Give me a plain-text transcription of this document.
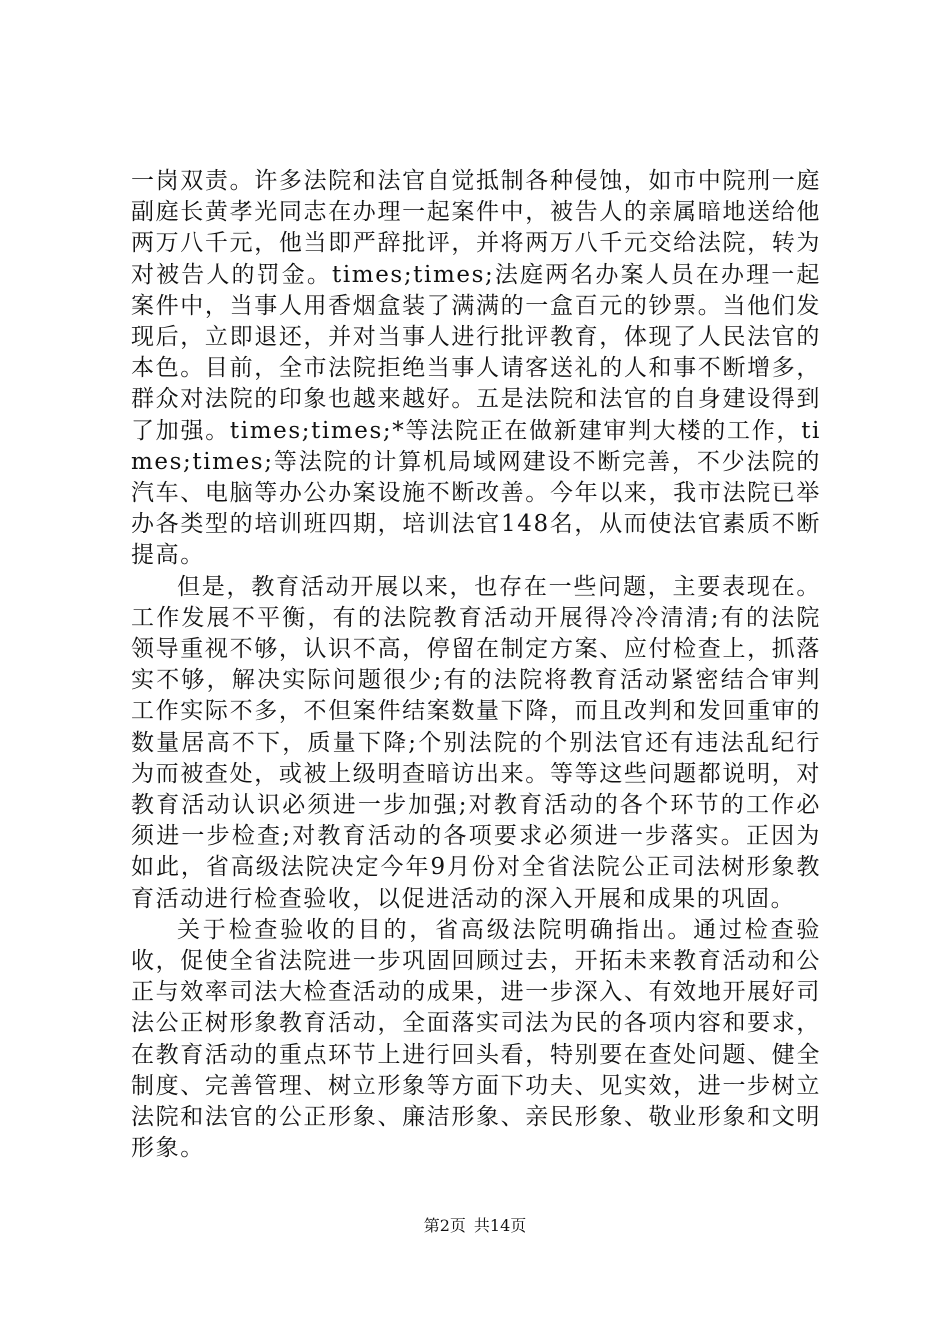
一岗双责。许多法院和法官自觉抵制各种侵蚀，如市中院刑一庭副庭长黄孝光同志在办理一起案件中，被告人的亲属暗地送给他两万八千元，他当即严辞批评，并将两万八千元交给法院，转为对被告人的罚金。times;times;法庭两名办案人员在办理一起案件中，当事人用香烟盒装了满满的一盒百元的钞票。当他们发现后，立即退还，并对当事人进行批评教育，体现了人民法官的本色。目前，全市法院拒绝当事人请客送礼的人和事不断增多，群众对法院的印象也越来越好。五是法院和法官的自身建设得到了加强。times;times;*等法院正在做新建审判大楼的工作，times;times;等法院的计算机局域网建设不断完善，不少法院的汽车、电脑等办公办案设施不断改善。今年以来，我市法院已举办各类型的培训班四期，培训法官148名，从而使法官素质不断提高。

但是，教育活动开展以来，也存在一些问题，主要表现在。工作发展不平衡，有的法院教育活动开展得冷冷清清;有的法院领导重视不够，认识不高，停留在制定方案、应付检查上，抓落实不够，解决实际问题很少;有的法院将教育活动紧密结合审判工作实际不多，不但案件结案数量下降，而且改判和发回重审的数量居高不下，质量下降;个别法院的个别法官还有违法乱纪行为而被查处，或被上级明查暗访出来。等等这些问题都说明，对教育活动认识必须进一步加强;对教育活动的各个环节的工作必须进一步检查;对教育活动的各项要求必须进一步落实。正因为如此，省高级法院决定今年9月份对全省法院公正司法树形象教育活动进行检查验收，以促进活动的深入开展和成果的巩固。

关于检查验收的目的，省高级法院明确指出。通过检查验收，促使全省法院进一步巩固回顾过去，开拓未来教育活动和公正与效率司法大检查活动的成果，进一步深入、有效地开展好司法公正树形象教育活动，全面落实司法为民的各项内容和要求，在教育活动的重点环节上进行回头看，特别要在查处问题、健全制度、完善管理、树立形象等方面下功夫、见实效，进一步树立法院和法官的公正形象、廉洁形象、亲民形象、敬业形象和文明形象。

第2页 共14页
